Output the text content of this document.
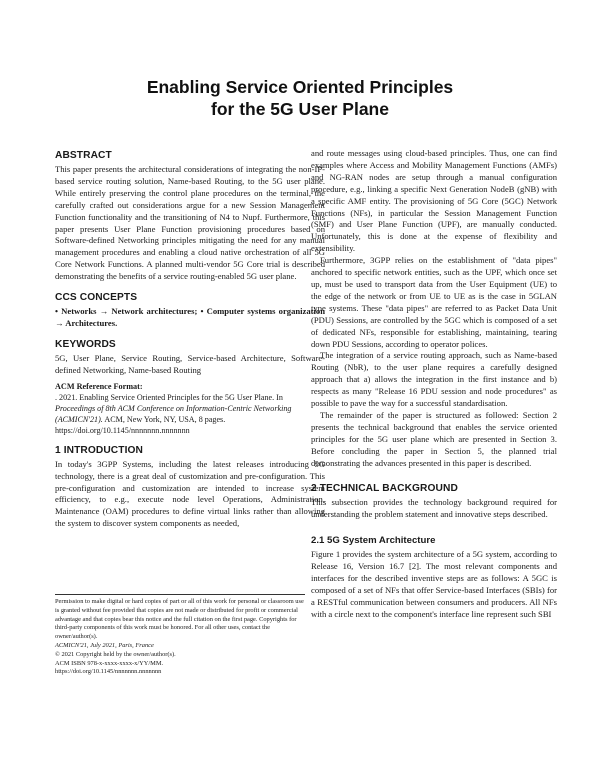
Enabling Service Oriented Principles
for the 5G User Plane
ABSTRACT

This paper presents the architectural considerations of integrating the non-IP-based service routing solution, Name-based Routing, to the 5G user plane. While entirely preserving the control plane procedures on the terminal, the carefully crafted out considerations argue for a new Session Management Function functionality and the transitioning of N4 to Nupf. Furthermore, this paper presents User Plane Function provisioning procedures based on Software-defined Networking principles mitigating the need for any manual management procedures and enabling a cloud native orchestration of all 5G Core Network Functions. A planned multi-vendor 5G Core trial is described demonstrating the benefits of a service routing-enabled 5G user plane.

CCS CONCEPTS

• Networks → Network architectures; • Computer systems organization → Architectures.

KEYWORDS

5G, User Plane, Service Routing, Service-based Architecture, Software-defined Networking, Name-based Routing

ACM Reference Format:

. 2021. Enabling Service Oriented Principles for the 5G User Plane. In Proceedings of 8th ACM Conference on Information-Centric Networking (ACMICN'21). ACM, New York, NY, USA, 8 pages. https://doi.org/10.1145/nnnnnnn.nnnnnnn

1 INTRODUCTION

In today's 3GPP Systems, including the latest releases introducing 5G technology, there is a great deal of customization and pre-configuration. This pre-configuration and customization are intended to increase system efficiency, to e.g., execute node level Operations, Administration, Maintenance (OAM) procedures to define virtual links rather than allowing the system to discover system components as needed,

Permission to make digital or hard copies of part or all of this work for personal or classroom use is granted without fee provided that copies are not made or distributed for profit or commercial advantage and that copies bear this notice and the full citation on the first page. Copyrights for third-party components of this work must be honored. For all other uses, contact the owner/author(s).

ACMICN'21, July 2021, Paris, France

© 2021 Copyright held by the owner/author(s).

ACM ISBN 978-x-xxxx-xxxx-x/YY/MM.

https://doi.org/10.1145/nnnnnnn.nnnnnnn

and route messages using cloud-based principles. Thus, one can find examples where Access and Mobility Management Functions (AMFs) and NG-RAN nodes are setup through a manual configuration procedure, e.g., linking a specific Next Generation NodeB (gNB) with a specific AMF entity. The provisioning of 5G Core (5GC) Network Functions (NFs), in particular the Session Management Function (SMF) and User Plane Function (UPF), are manually conducted. Unfortunately, this is done at the expense of flexibility and extensibility.

Furthermore, 3GPP relies on the establishment of "data pipes" anchored to specific network entities, such as the UPF, which once set up, must be used to transport data from the User Equipment (UE) to the edge of the network or from UE to UE as is the case in 5GLAN type systems. These "data pipes" are referred to as Packet Data Unit (PDU) Sessions, are controlled by the 5GC which is composed of a set of dedicated NFs, responsible for establishing, maintaining, tearing down PDU Sessions, according to operator polices.

The integration of a service routing approach, such as Name-based Routing (NbR), to the user plane requires a carefully designed approach that a) allows the integration in the first instance and b) respects as many "Release 16 PDU session and node procedures" as possible to pave the way for a successful standardisation.

The remainder of the paper is structured as followed: Section 2 presents the technical background that enables the service oriented principles for the 5G user plane which are presented in Section 3. Before concluding the paper in Section 5, the planned trial demonstrating the advances presented in this paper is described.

2 TECHNICAL BACKGROUND

This subsection provides the technology background required for understanding the problem statement and innovative steps described.

2.1 5G System Architecture

Figure 1 provides the system architecture of a 5G system, according to Release 16, Version 16.7 [2]. The most relevant components and interfaces for the described inventive steps are as follows: A 5GC is composed of a set of NFs that offer Service-based Interfaces (SBIs) for a RESTful communication between consumers and producers. All NFs with a circle next to the component's interface line represent such SBI
